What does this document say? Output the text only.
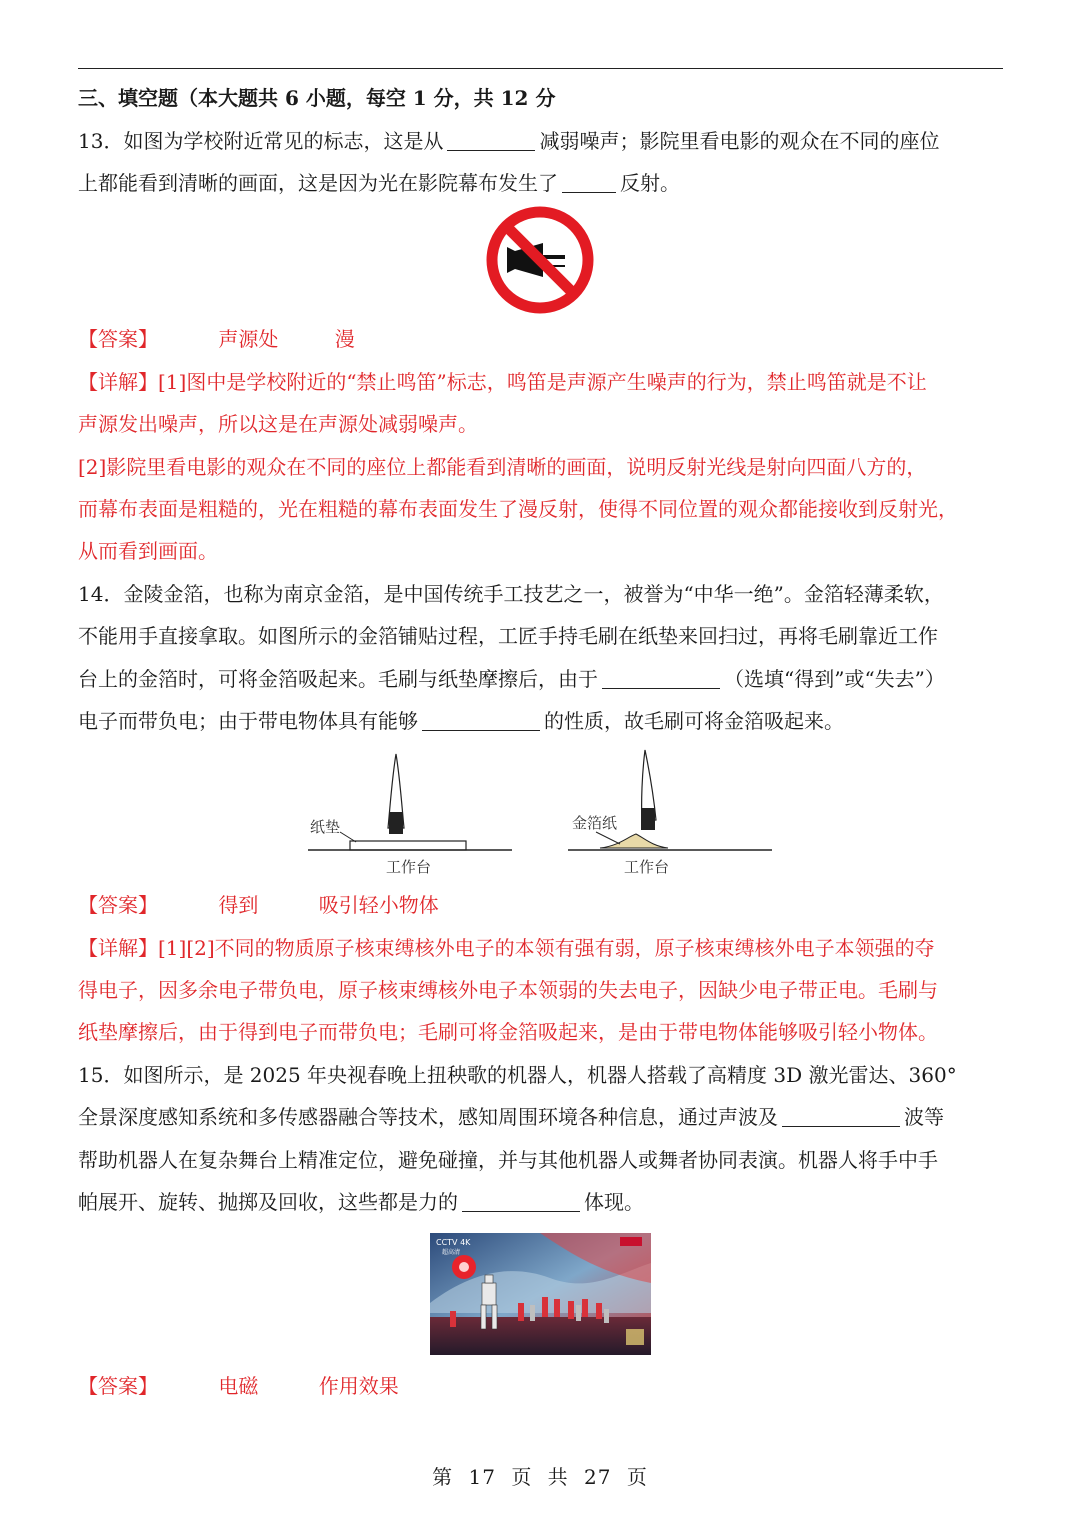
三、填空题（本大题共 6 小题，每空 1 分，共 12 分
13．如图为学校附近常见的标志，这是从	减弱噪声；影院里看电影的观众在不同的座位
上都能看到清晰的画面，这是因为光在影院幕布发生了	反射。
【答案】	声源处	漫
【详解】[1]图中是学校附近的“禁止鸣笛”标志，鸣笛是声源产生噪声的行为，禁止鸣笛就是不让
声源发出噪声，所以这是在声源处减弱噪声。
[2]影院里看电影的观众在不同的座位上都能看到清晰的画面，说明反射光线是射向四面八方的，
而幕布表面是粗糙的，光在粗糙的幕布表面发生了漫反射，使得不同位置的观众都能接收到反射光，
从而看到画面。
14．金陵金箔，也称为南京金箔，是中国传统手工技艺之一，被誉为“中华一绝”。金箔轻薄柔软，
不能用手直接拿取。如图所示的金箔铺贴过程，工匠手持毛刷在纸垫来回扫过，再将毛刷靠近工作
台上的金箔时，可将金箔吸起来。毛刷与纸垫摩擦后，由于	（选填“得到”或“失去”）
电子而带负电；由于带电物体具有能够	的性质，故毛刷可将金箔吸起来。
纸垫
工作台
金箔纸
工作台
【答案】	得到	吸引轻小物体
【详解】[1][2]不同的物质原子核束缚核外电子的本领有强有弱，原子核束缚核外电子本领强的夺
得电子，因多余电子带负电，原子核束缚核外电子本领弱的失去电子，因缺少电子带正电。毛刷与
纸垫摩擦后，由于得到电子而带负电；毛刷可将金箔吸起来，是由于带电物体能够吸引轻小物体。
15．如图所示，是 2025 年央视春晚上扭秧歌的机器人，机器人搭载了高精度 3D 激光雷达、360°
全景深度感知系统和多传感器融合等技术，感知周围环境各种信息，通过声波及	波等
帮助机器人在复杂舞台上精准定位，避免碰撞，并与其他机器人或舞者协同表演。机器人将手中手
帕展开、旋转、抛掷及回收，这些都是力的	体现。
CCTV 4K
超高清
【答案】	电磁	作用效果
第 17 页 共 27 页
